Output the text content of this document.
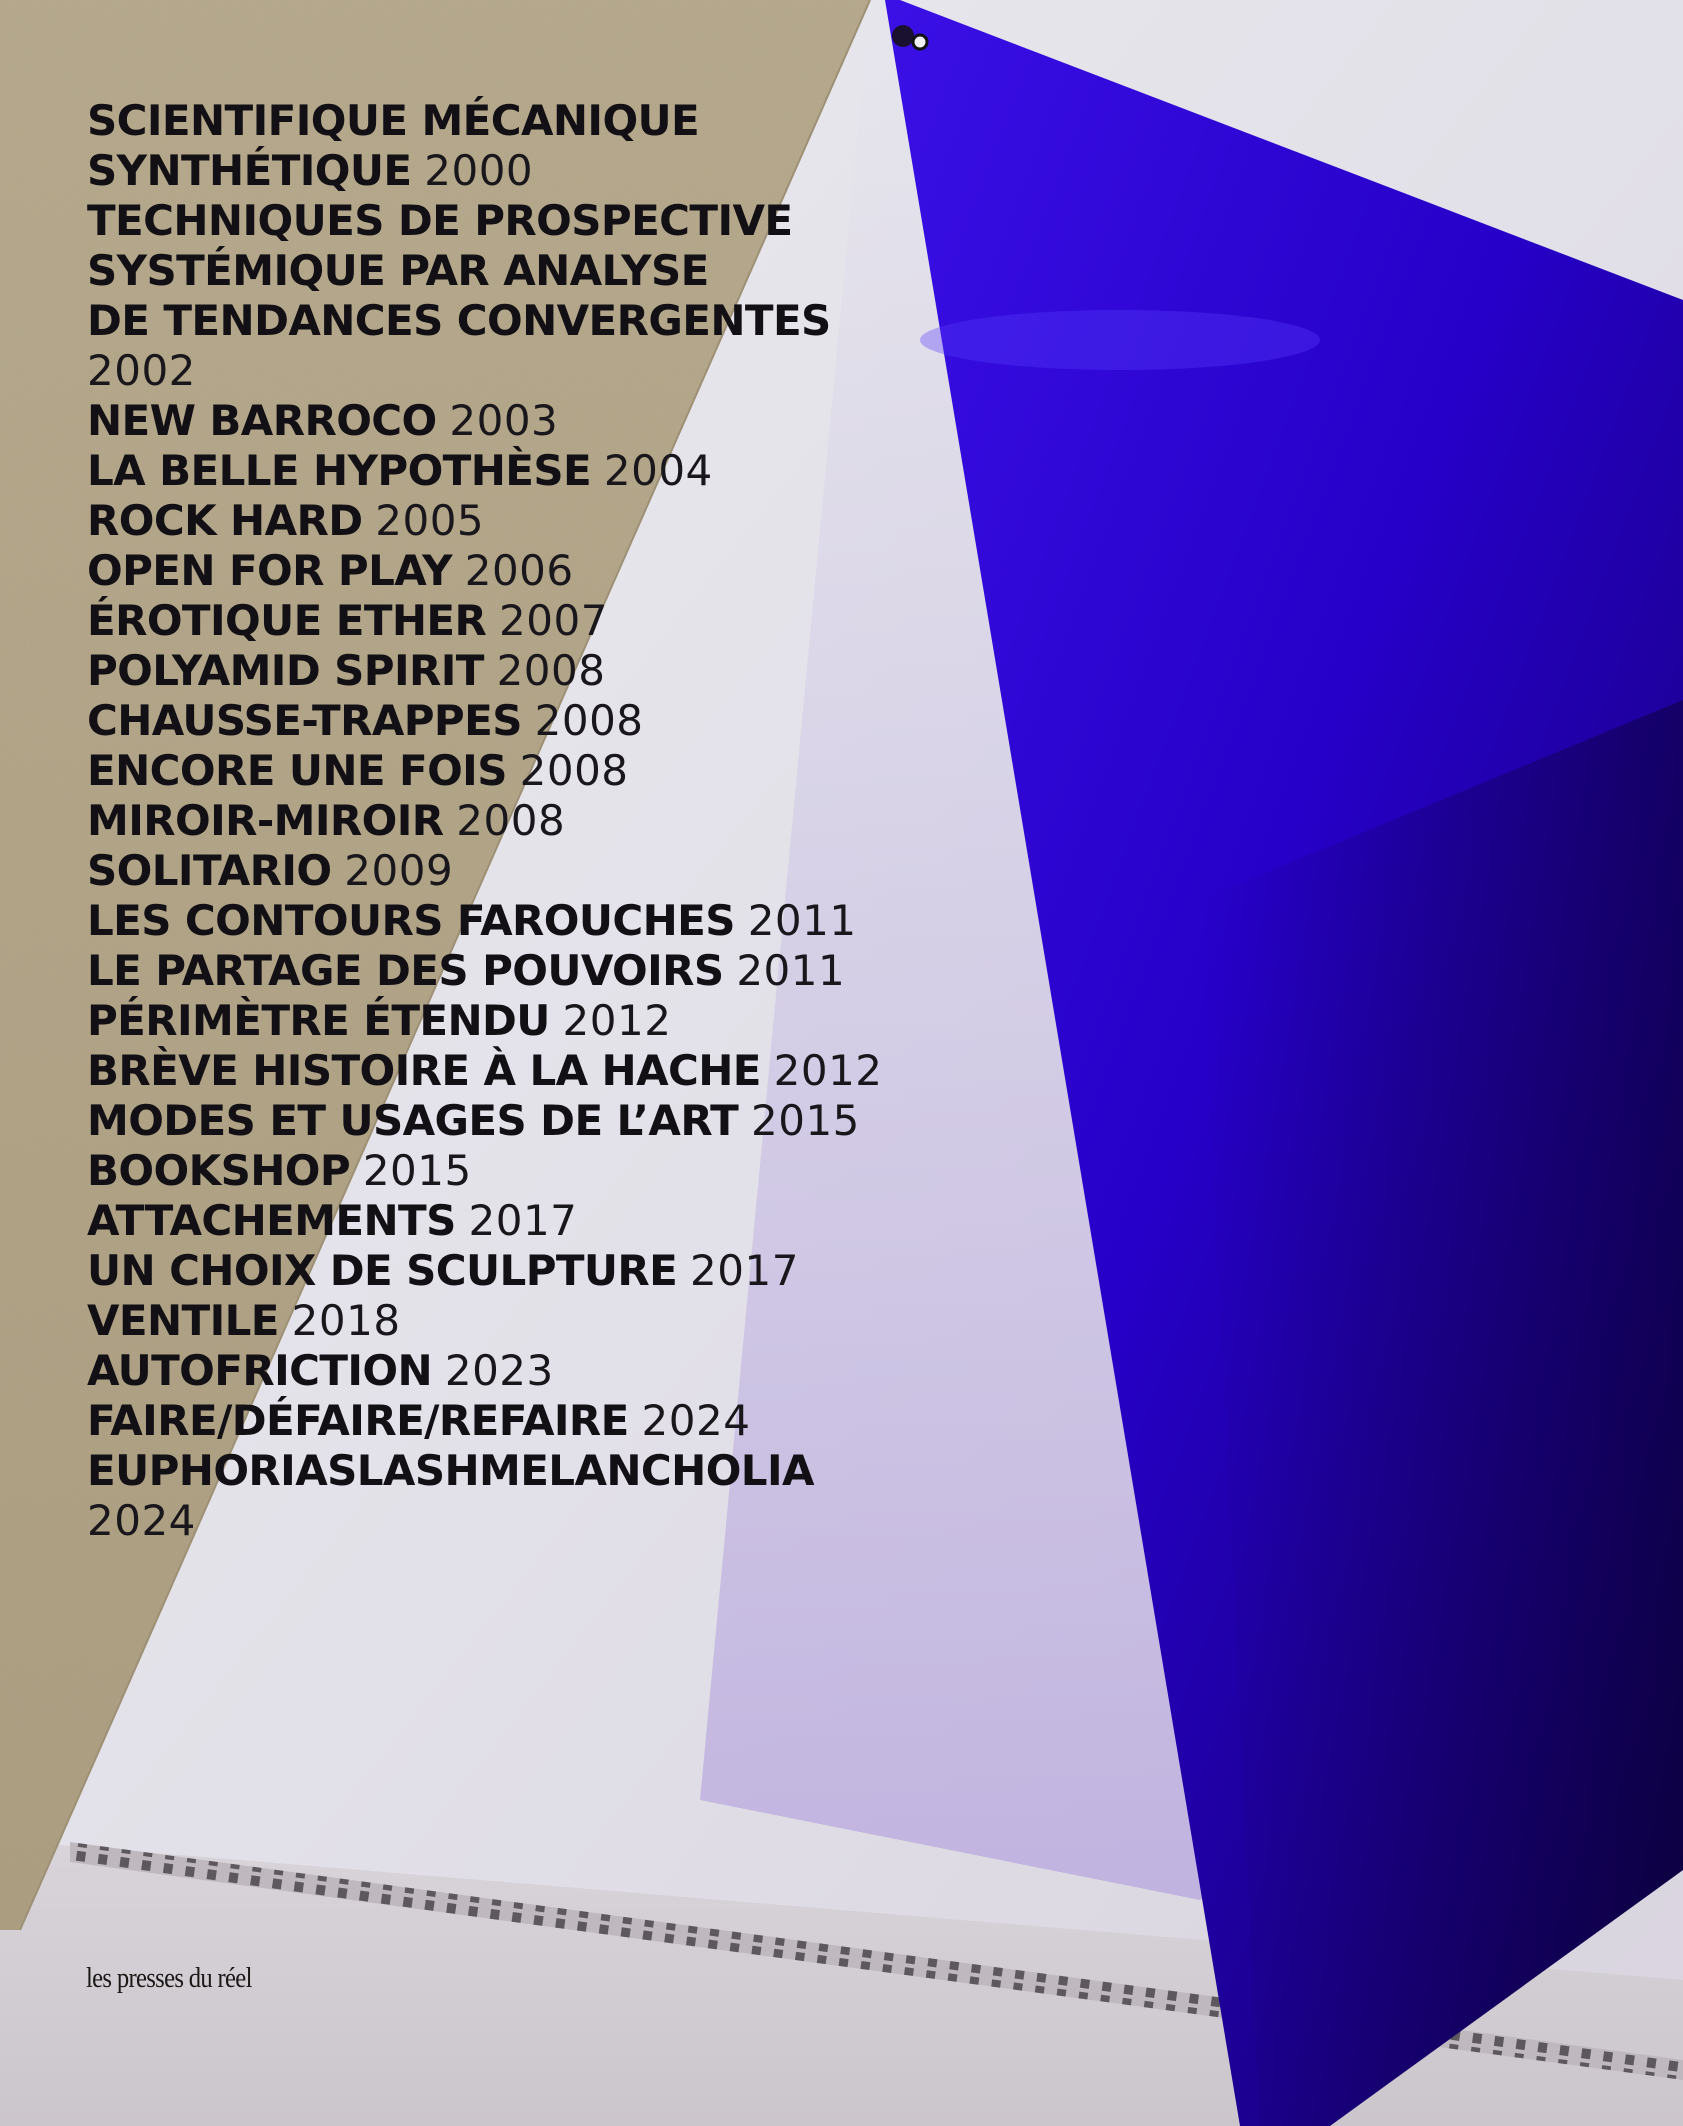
SCIENTIFIQUE MÉCANIQUE
SYNTHÉTIQUE 2000
TECHNIQUES DE PROSPECTIVE
SYSTÉMIQUE PAR ANALYSE
DE TENDANCES CONVERGENTES
2002
NEW BARROCO 2003
LA BELLE HYPOTHÈSE 2004
ROCK HARD 2005
OPEN FOR PLAY 2006
ÉROTIQUE ETHER 2007
POLYAMID SPIRIT 2008
CHAUSSE-TRAPPES 2008
ENCORE UNE FOIS 2008
MIROIR-MIROIR 2008
SOLITARIO 2009
LES CONTOURS FAROUCHES 2011
LE PARTAGE DES POUVOIRS 2011
PÉRIMÈTRE ÉTENDU 2012
BRÈVE HISTOIRE À LA HACHE 2012
MODES ET USAGES DE L’ART 2015
BOOKSHOP 2015
ATTACHEMENTS 2017
UN CHOIX DE SCULPTURE 2017
VENTILE 2018
AUTOFRICTION 2023
FAIRE/DÉFAIRE/REFAIRE 2024
EUPHORIASLASHMELANCHOLIA
2024
les presses du réel
